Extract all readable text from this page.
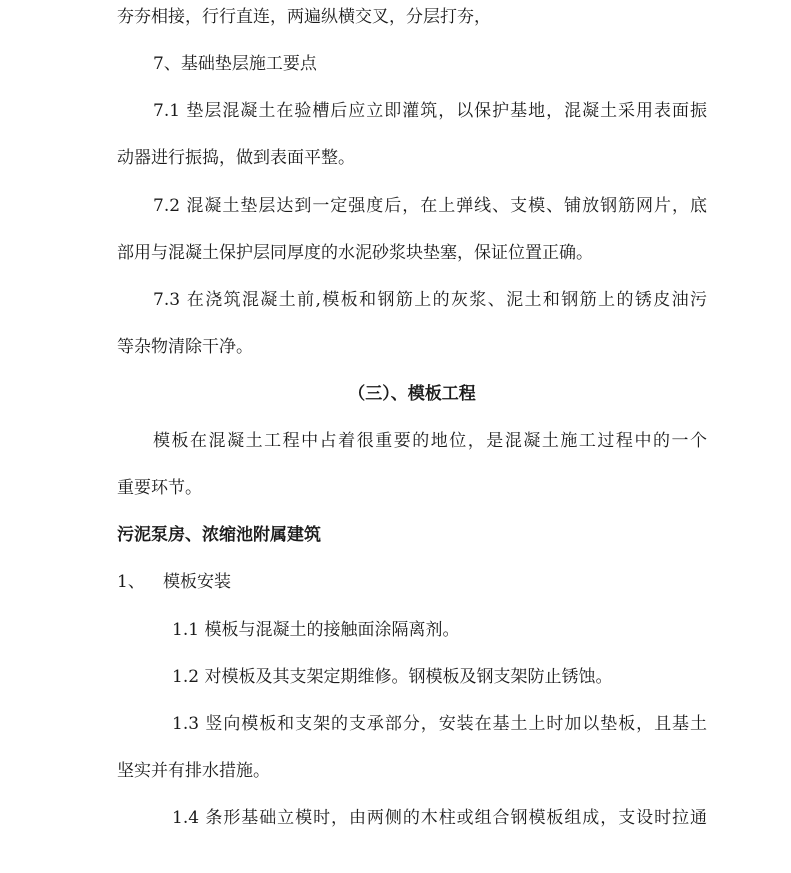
夯夯相接，行行直连，两遍纵横交叉，分层打夯，
7、基础垫层施工要点
7.1 垫层混凝土在验槽后应立即灌筑，以保护基地，混凝土采用表面振
动器进行振捣，做到表面平整。
7.2 混凝土垫层达到一定强度后，在上弹线、支模、铺放钢筋网片，底
部用与混凝土保护层同厚度的水泥砂浆块垫塞，保证位置正确。
7.3 在浇筑混凝土前,模板和钢筋上的灰浆、泥土和钢筋上的锈皮油污
等杂物清除干净。
（三）、模板工程
模板在混凝土工程中占着很重要的地位，是混凝土施工过程中的一个
重要环节。
污泥泵房、浓缩池附属建筑
1、 模板安装
1.1 模板与混凝土的接触面涂隔离剂。
1.2 对模板及其支架定期维修。钢模板及钢支架防止锈蚀。
1.3 竖向模板和支架的支承部分，安装在基土上时加以垫板，且基土
坚实并有排水措施。
1.4 条形基础立模时，由两侧的木柱或组合钢模板组成，支设时拉通
